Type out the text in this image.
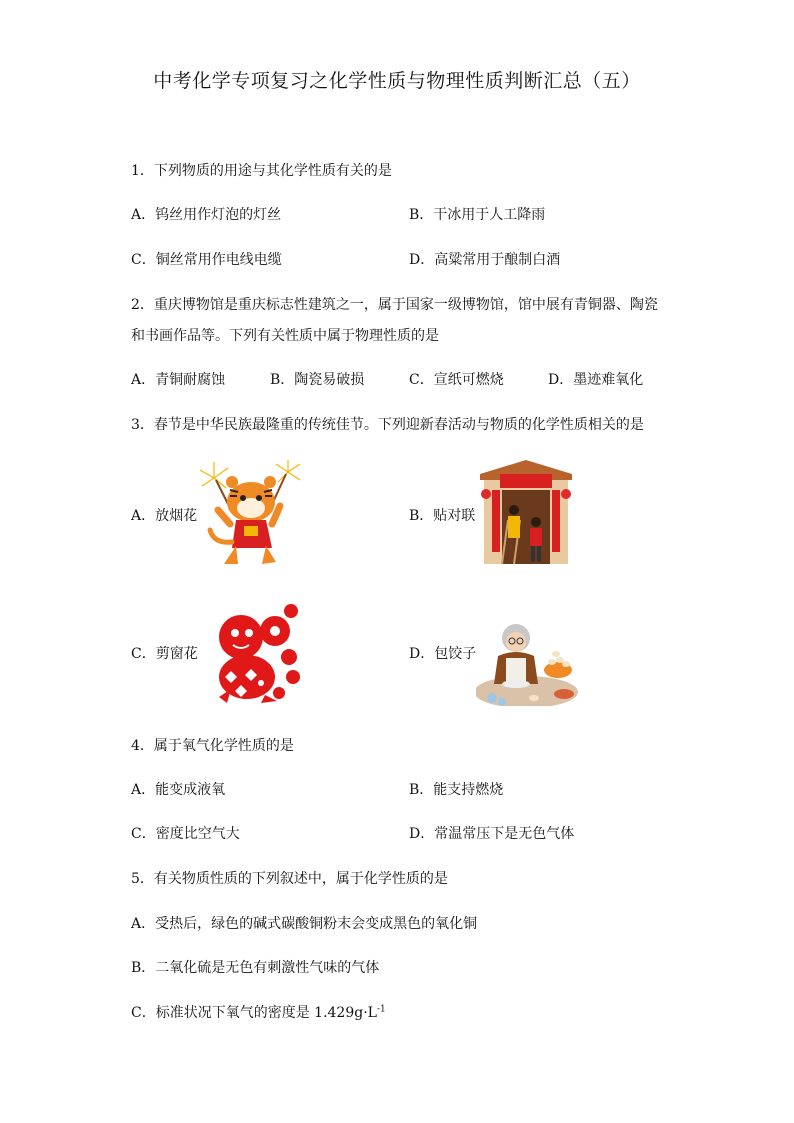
中考化学专项复习之化学性质与物理性质判断汇总（五）
1．下列物质的用途与其化学性质有关的是
A．钨丝用作灯泡的灯丝	B．干冰用于人工降雨
C．铜丝常用作电线电缆	D．高粱常用于酿制白酒
2．重庆博物馆是重庆标志性建筑之一，属于国家一级博物馆，馆中展有青铜器、陶瓷
和书画作品等。下列有关性质中属于物理性质的是
A．青铜耐腐蚀	B．陶瓷易破损	C．宣纸可燃烧	D．墨迹难氧化
3．春节是中华民族最隆重的传统佳节。下列迎新春活动与物质的化学性质相关的是
A．放烟花	B．贴对联
C．剪窗花	D．包饺子
4．属于氧气化学性质的是
A．能变成液氧	B．能支持燃烧
C．密度比空气大	D．常温常压下是无色气体
5．有关物质性质的下列叙述中，属于化学性质的是
A．受热后，绿色的碱式碳酸铜粉末会变成黑色的氧化铜
B．二氧化硫是无色有刺激性气味的气体
C．标准状况下氧气的密度是 $1.429g\cdot L^{-1}$
